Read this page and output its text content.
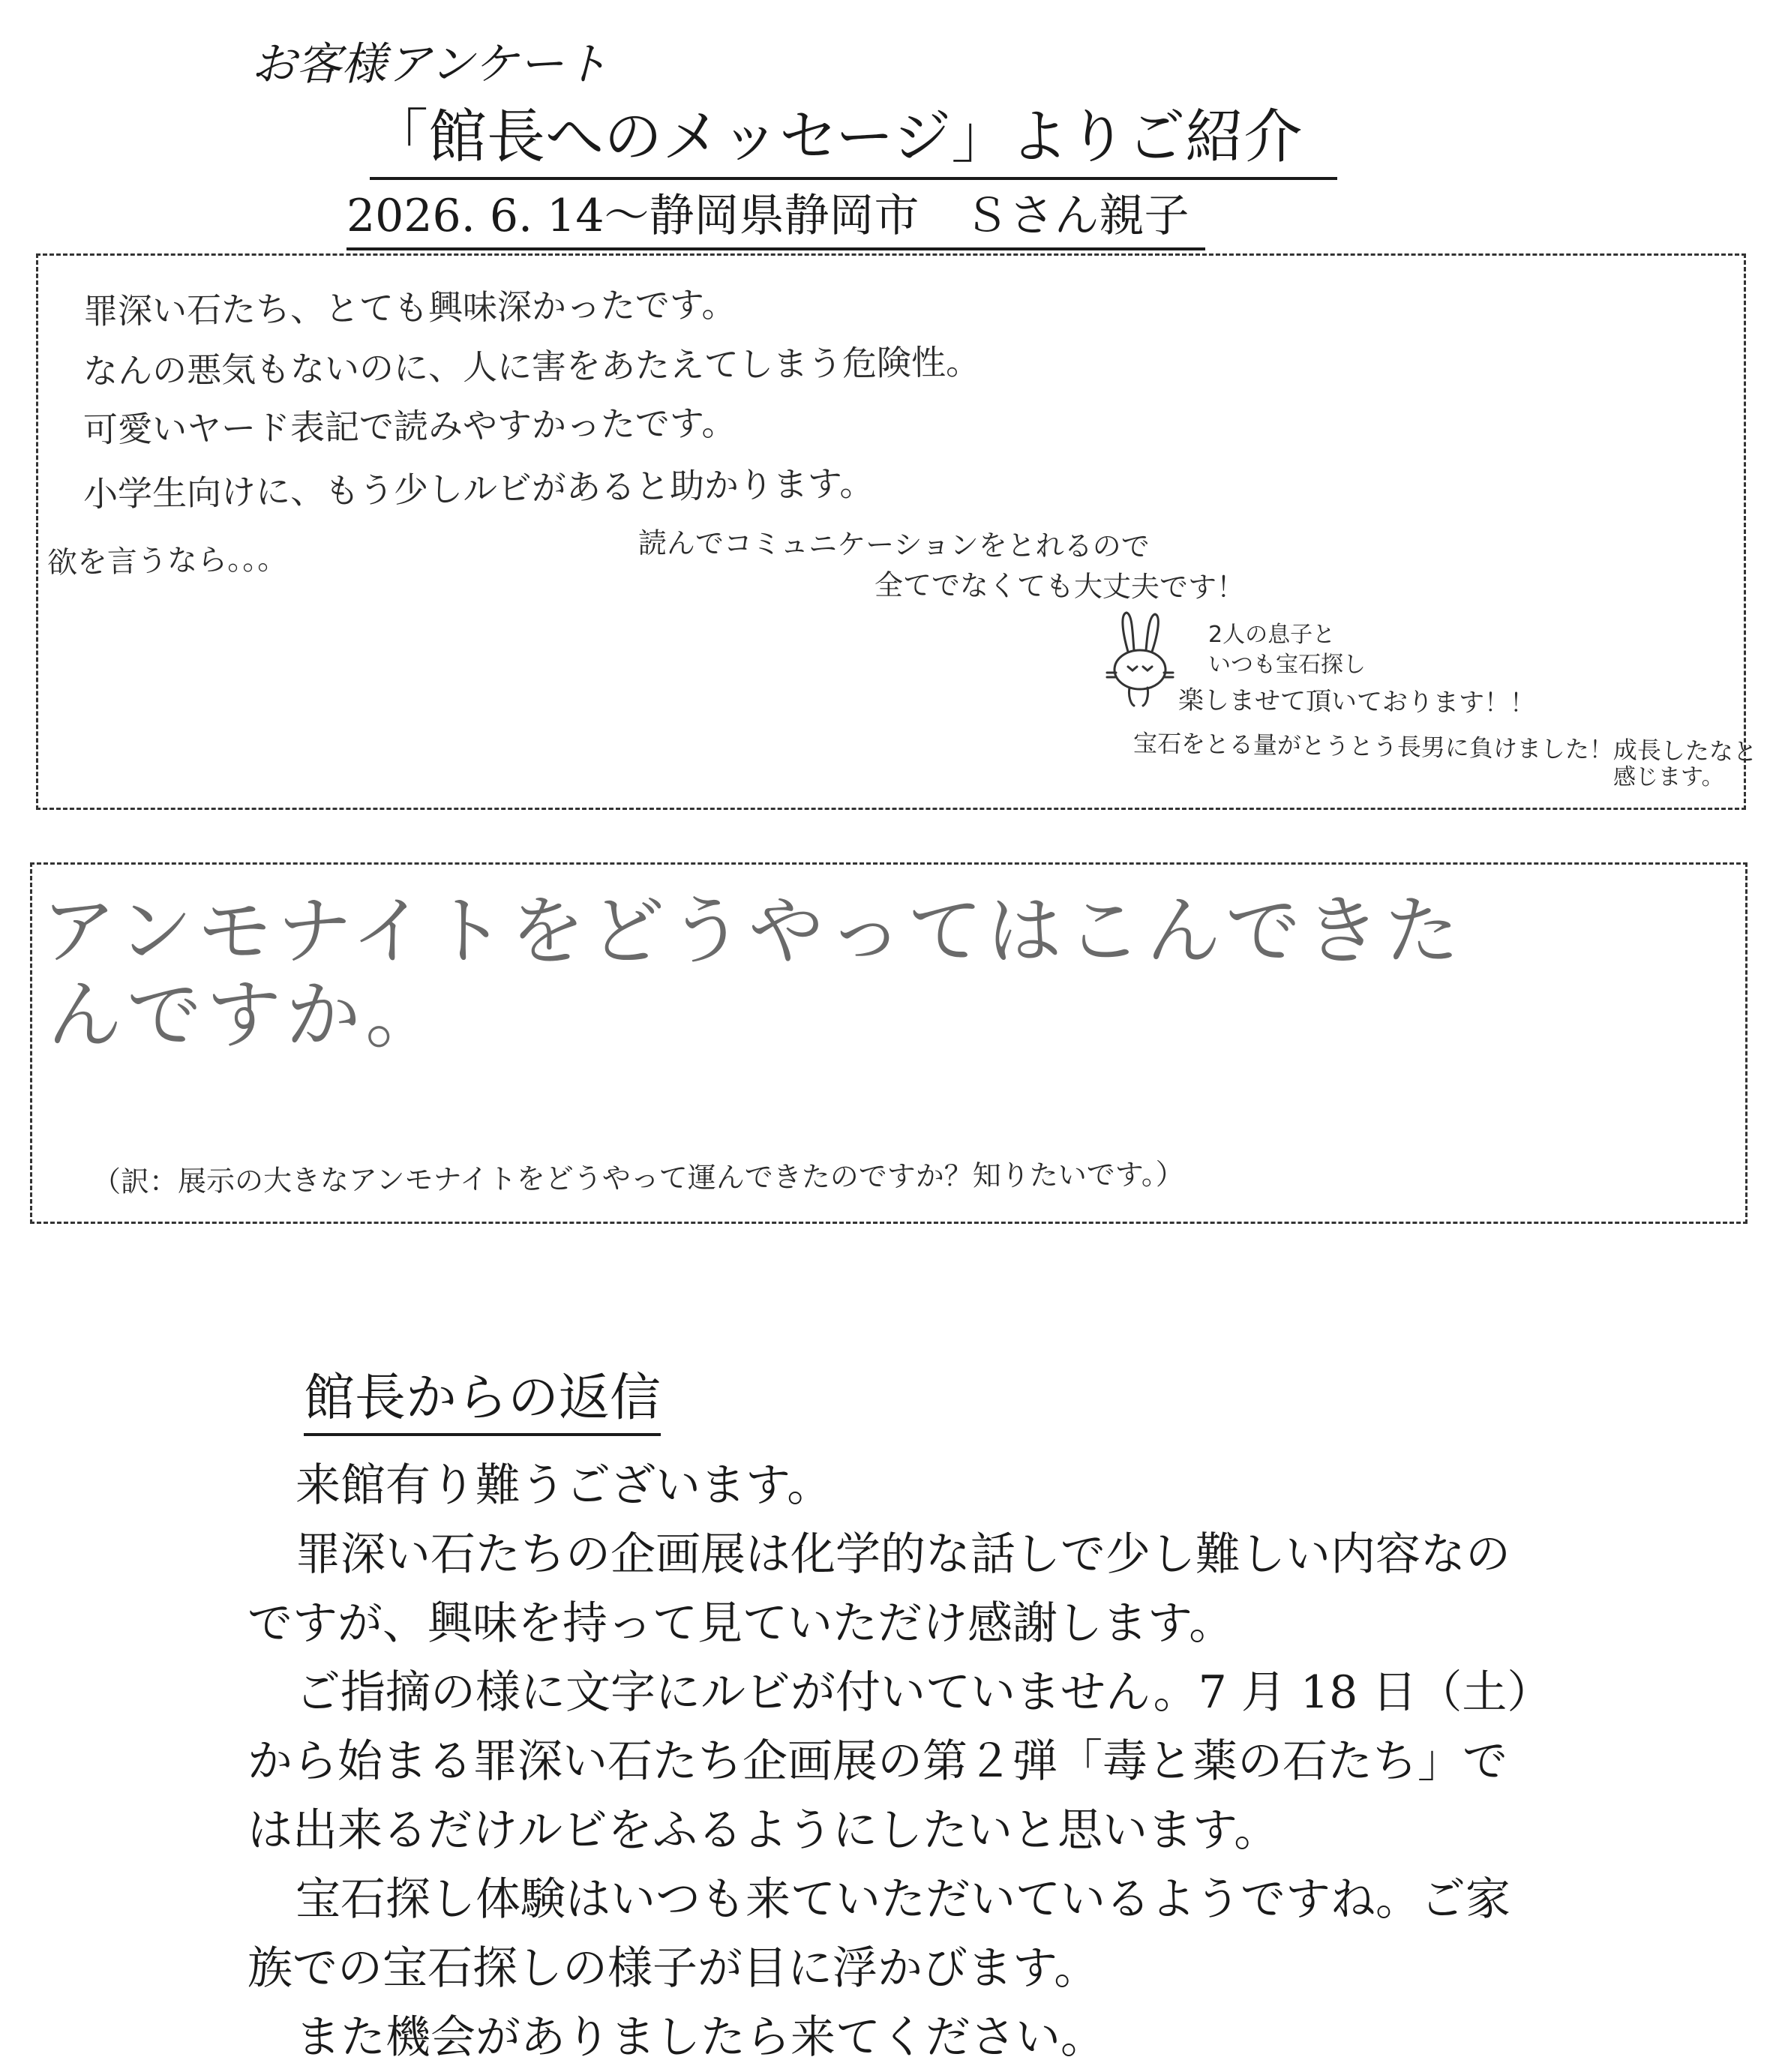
お客様アンケート
「館長へのメッセージ」よりご紹介
2026. 6. 14～静岡県静岡市　Ｓさん親子
罪深い石たち、とても興味深かったです。
なんの悪気もないのに、人に害をあたえてしまう危険性。
可愛いヤード表記で読みやすかったです。
小学生向けに、もう少しルビがあると助かります。
欲を言うなら。。。	読んでコミュニケーションをとれるので
全てでなくても大丈夫です！
2人の息子と
いつも宝石探し
楽しませて頂いております！！
宝石をとる量がとうとう長男に負けました！成長したなと
感じます。
アンモナイトをどうやってはこんできた
んですか。
（訳：展示の大きなアンモナイトをどうやって運んできたのですか？知りたいです。）
館長からの返信
来館有り難うございます。
罪深い石たちの企画展は化学的な話しで少し難しい内容なの
ですが、興味を持って見ていただけ感謝します。
ご指摘の様に文字にルビが付いていません。7 月 18 日（土）
から始まる罪深い石たち企画展の第２弾「毒と薬の石たち」で
は出来るだけルビをふるようにしたいと思います。
宝石探し体験はいつも来ていただいているようですね。ご家
族での宝石探しの様子が目に浮かびます。
また機会がありましたら来てください。
